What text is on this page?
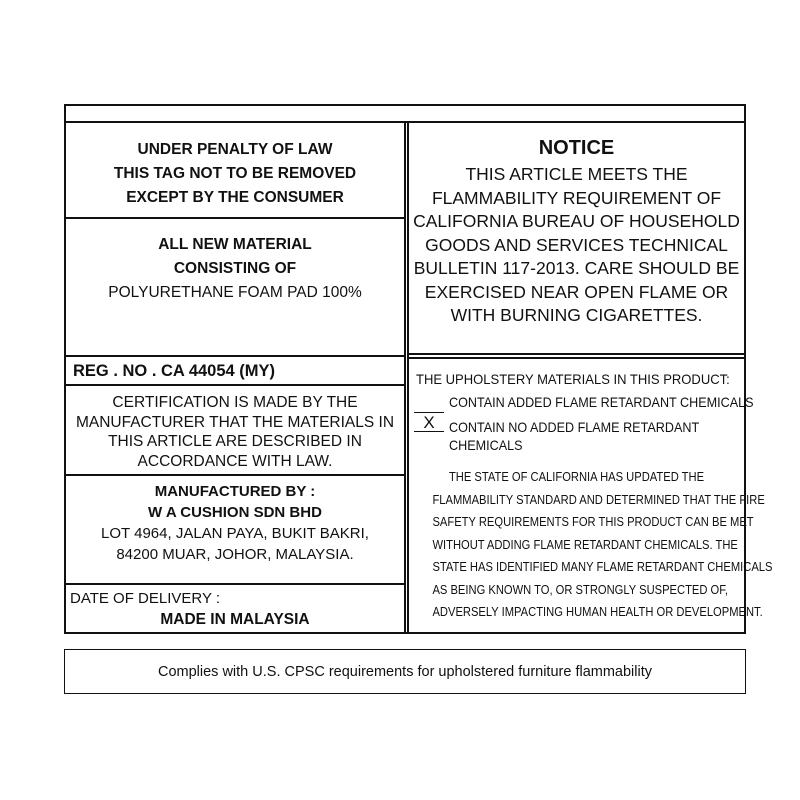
UNDER PENALTY OF LAW
THIS TAG NOT TO BE REMOVED
EXCEPT BY THE CONSUMER
ALL NEW MATERIAL
CONSISTING OF
POLYURETHANE FOAM PAD 100%
REG . NO . CA 44054 (MY)
CERTIFICATION IS MADE BY THE
MANUFACTURER THAT THE MATERIALS IN
THIS ARTICLE ARE DESCRIBED IN
ACCORDANCE WITH LAW.
MANUFACTURED BY :
W A CUSHION SDN BHD
LOT 4964, JALAN PAYA, BUKIT BAKRI,
84200 MUAR, JOHOR, MALAYSIA.
DATE OF DELIVERY :
MADE IN MALAYSIA
NOTICE
THIS ARTICLE MEETS THE
FLAMMABILITY REQUIREMENT OF
CALIFORNIA BUREAU OF HOUSEHOLD
GOODS AND SERVICES TECHNICAL
BULLETIN 117-2013. CARE SHOULD BE
EXERCISED NEAR OPEN FLAME OR
WITH BURNING CIGARETTES.
THE UPHOLSTERY MATERIALS IN THIS PRODUCT:
CONTAIN ADDED FLAME RETARDANT CHEMICALS
X	CONTAIN NO ADDED FLAME RETARDANT
CHEMICALS
THE STATE OF CALIFORNIA HAS UPDATED THE
FLAMMABILITY STANDARD AND DETERMINED THAT THE FIRE
SAFETY REQUIREMENTS FOR THIS PRODUCT CAN BE MET
WITHOUT ADDING FLAME RETARDANT CHEMICALS. THE
STATE HAS IDENTIFIED MANY FLAME RETARDANT CHEMICALS
AS BEING KNOWN TO, OR STRONGLY SUSPECTED OF,
ADVERSELY IMPACTING HUMAN HEALTH OR DEVELOPMENT.
Complies with U.S. CPSC requirements for upholstered furniture flammability
